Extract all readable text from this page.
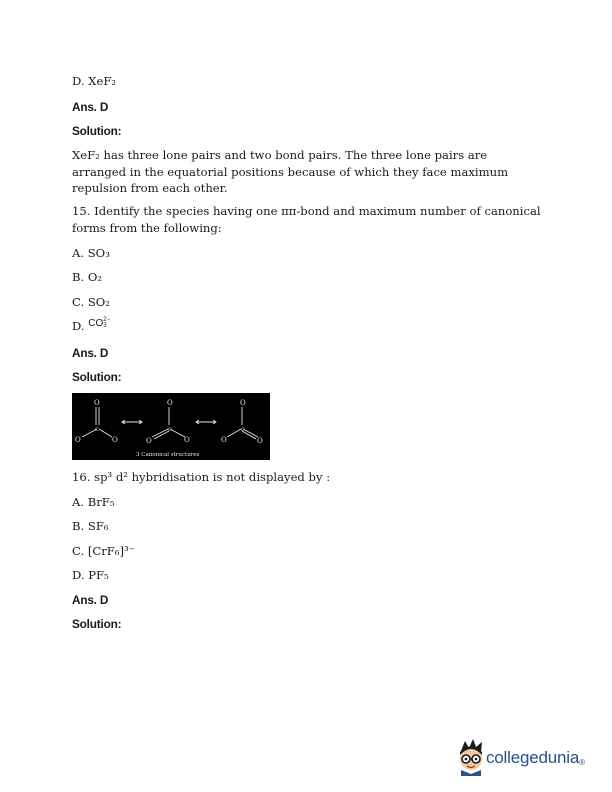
D. XeF₂

Ans. D

Solution:

XeF₂ has three lone pairs and two bond pairs. The three lone pairs are arranged in the equatorial positions because of which they face maximum repulsion from each other.

15. Identify the species having one ππ-bond and maximum number of canonical

forms from the following:

A. SO₃

B. O₂

C. SO₂

D. CO 2−
3

Ans. D

Solution:

O
C
O	O
O
C
O	O
O
C
O	O
3 Canonical structures

16. sp³ d² hybridisation is not displayed by :

A. BrF₅

B. SF₆

C. [CrF₆]³⁻

D. PF₅

Ans. D

Solution:

collegedunia$_®$
